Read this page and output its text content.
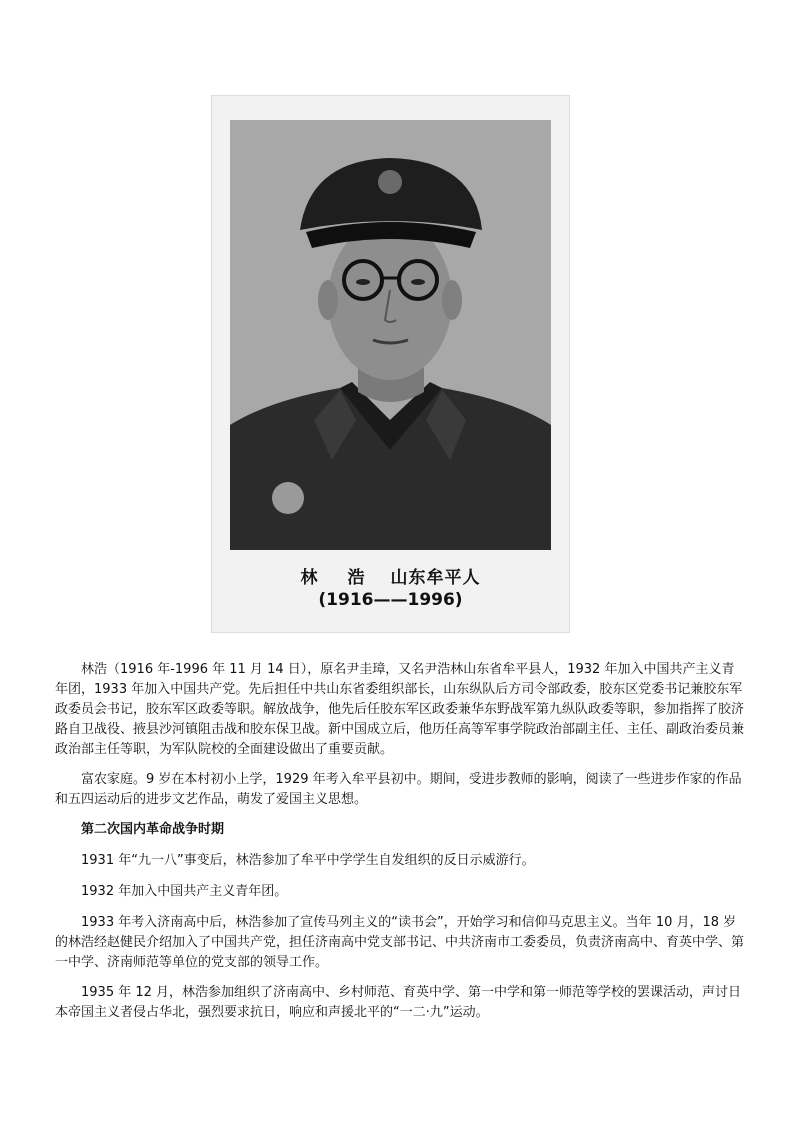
林 浩 山东牟平人
(1916——1996)

林浩（1916 年-1996 年 11 月 14 日），原名尹圭璋，又名尹浩林山东省牟平县人，1932 年加入中国共产主义青年团，1933 年加入中国共产党。先后担任中共山东省委组织部长，山东纵队后方司令部政委，胶东区党委书记兼胶东军政委员会书记，胶东军区政委等职。解放战争，他先后任胶东军区政委兼华东野战军第九纵队政委等职，参加指挥了胶济路自卫战役、掖县沙河镇阻击战和胶东保卫战。新中国成立后，他历任高等军事学院政治部副主任、主任、副政治委员兼政治部主任等职，为军队院校的全面建设做出了重要贡献。

富农家庭。9 岁在本村初小上学，1929 年考入牟平县初中。期间，受进步教师的影响，阅读了一些进步作家的作品和五四运动后的进步文艺作品，萌发了爱国主义思想。

第二次国内革命战争时期

1931 年“九一八”事变后，林浩参加了牟平中学学生自发组织的反日示威游行。

1932 年加入中国共产主义青年团。

1933 年考入济南高中后，林浩参加了宣传马列主义的“读书会”，开始学习和信仰马克思主义。当年 10 月，18 岁的林浩经赵健民介绍加入了中国共产党，担任济南高中党支部书记、中共济南市工委委员，负责济南高中、育英中学、第一中学、济南师范等单位的党支部的领导工作。

1935 年 12 月，林浩参加组织了济南高中、乡村师范、育英中学、第一中学和第一师范等学校的罢课活动，声讨日本帝国主义者侵占华北，强烈要求抗日，响应和声援北平的“一二·九”运动。
